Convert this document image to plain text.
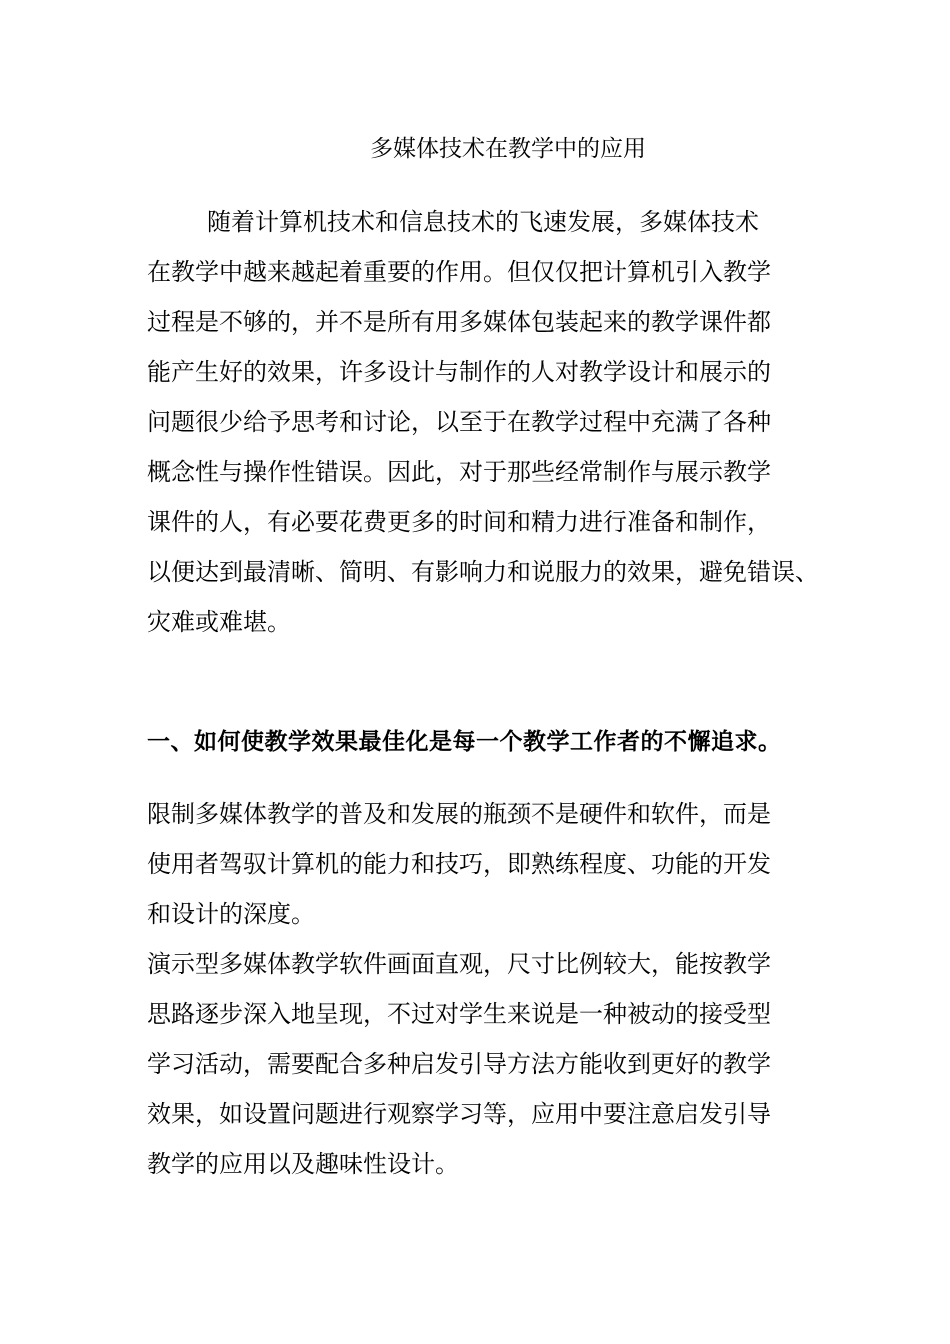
多媒体技术在教学中的应用
随着计算机技术和信息技术的飞速发展，多媒体技术
在教学中越来越起着重要的作用。但仅仅把计算机引入教学
过程是不够的，并不是所有用多媒体包装起来的教学课件都
能产生好的效果，许多设计与制作的人对教学设计和展示的
问题很少给予思考和讨论，以至于在教学过程中充满了各种
概念性与操作性错误。因此，对于那些经常制作与展示教学
课件的人，有必要花费更多的时间和精力进行准备和制作，
以便达到最清晰、简明、有影响力和说服力的效果，避免错误、
灾难或难堪。
一、如何使教学效果最佳化是每一个教学工作者的不懈追求。
限制多媒体教学的普及和发展的瓶颈不是硬件和软件，而是
使用者驾驭计算机的能力和技巧，即熟练程度、功能的开发
和设计的深度。
演示型多媒体教学软件画面直观，尺寸比例较大，能按教学
思路逐步深入地呈现，不过对学生来说是一种被动的接受型
学习活动，需要配合多种启发引导方法方能收到更好的教学
效果，如设置问题进行观察学习等，应用中要注意启发引导
教学的应用以及趣味性设计。
